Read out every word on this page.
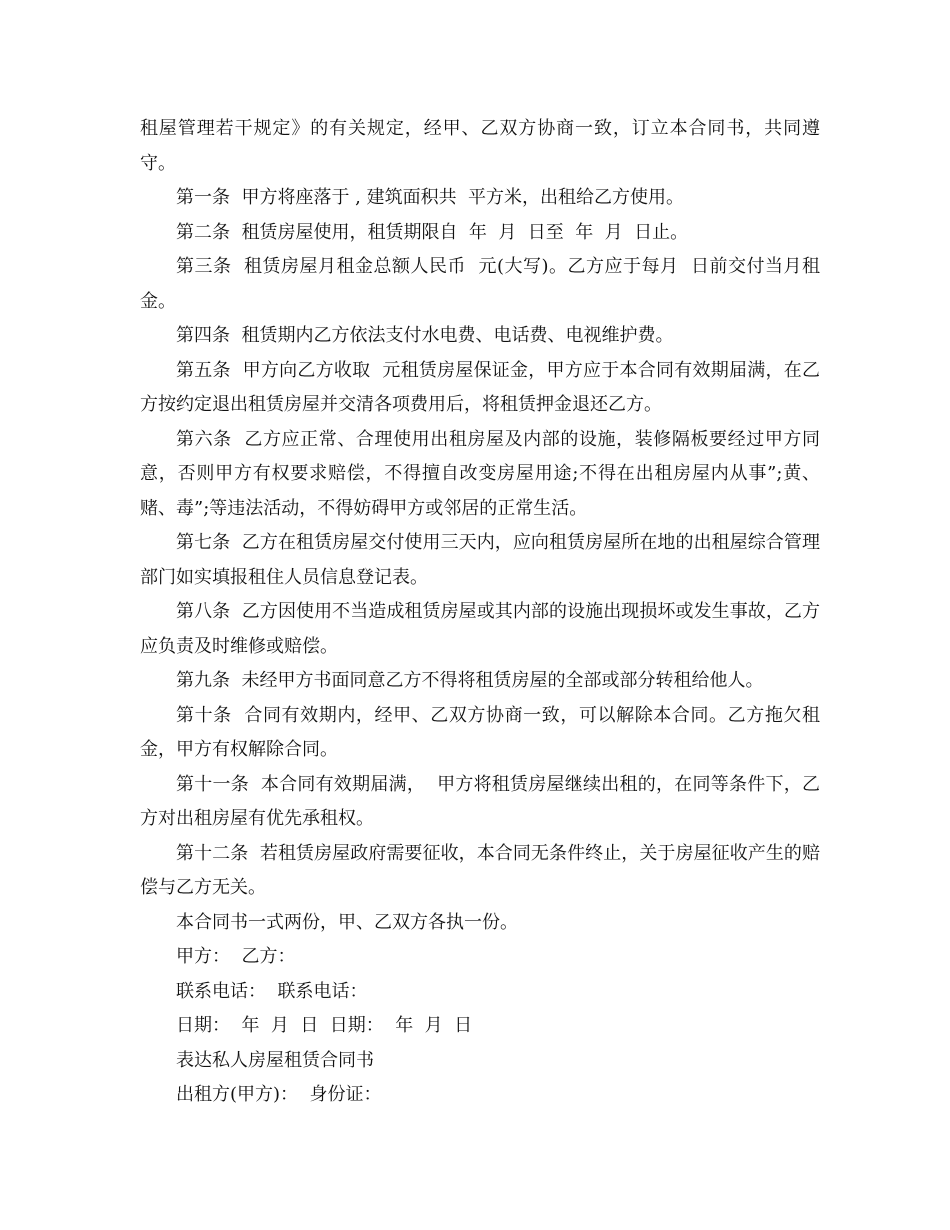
租屋管理若干规定》的有关规定，经甲、乙双方协商一致，订立本合同书，共同遵守。

第一条  甲方将座落于 , 建筑面积共  平方米，出租给乙方使用。

第二条  租赁房屋使用，租赁期限自  年  月  日至  年  月  日止。

第三条  租赁房屋月租金总额人民币  元(大写)。乙方应于每月  日前交付当月租金。

第四条  租赁期内乙方依法支付水电费、电话费、电视维护费。

第五条  甲方向乙方收取  元租赁房屋保证金，甲方应于本合同有效期届满，在乙方按约定退出租赁房屋并交清各项费用后，将租赁押金退还乙方。

第六条  乙方应正常、合理使用出租房屋及内部的设施，装修隔板要经过甲方同意，否则甲方有权要求赔偿，不得擅自改变房屋用途;不得在出租房屋内从事”;黄、赌、毒”;等违法活动，不得妨碍甲方或邻居的正常生活。

第七条  乙方在租赁房屋交付使用三天内，应向租赁房屋所在地的出租屋综合管理部门如实填报租住人员信息登记表。

第八条  乙方因使用不当造成租赁房屋或其内部的设施出现损坏或发生事故，乙方应负责及时维修或赔偿。

第九条  未经甲方书面同意乙方不得将租赁房屋的全部或部分转租给他人。

第十条  合同有效期内，经甲、乙双方协商一致，可以解除本合同。乙方拖欠租金，甲方有权解除合同。

第十一条  本合同有效期届满，  甲方将租赁房屋继续出租的，在同等条件下，乙方对出租房屋有优先承租权。

第十二条  若租赁房屋政府需要征收，本合同无条件终止，关于房屋征收产生的赔偿与乙方无关。

本合同书一式两份，甲、乙双方各执一份。

甲方：  乙方：

联系电话：  联系电话：

日期：  年  月  日  日期：  年  月  日

表达私人房屋租赁合同书

出租方(甲方)：  身份证：
